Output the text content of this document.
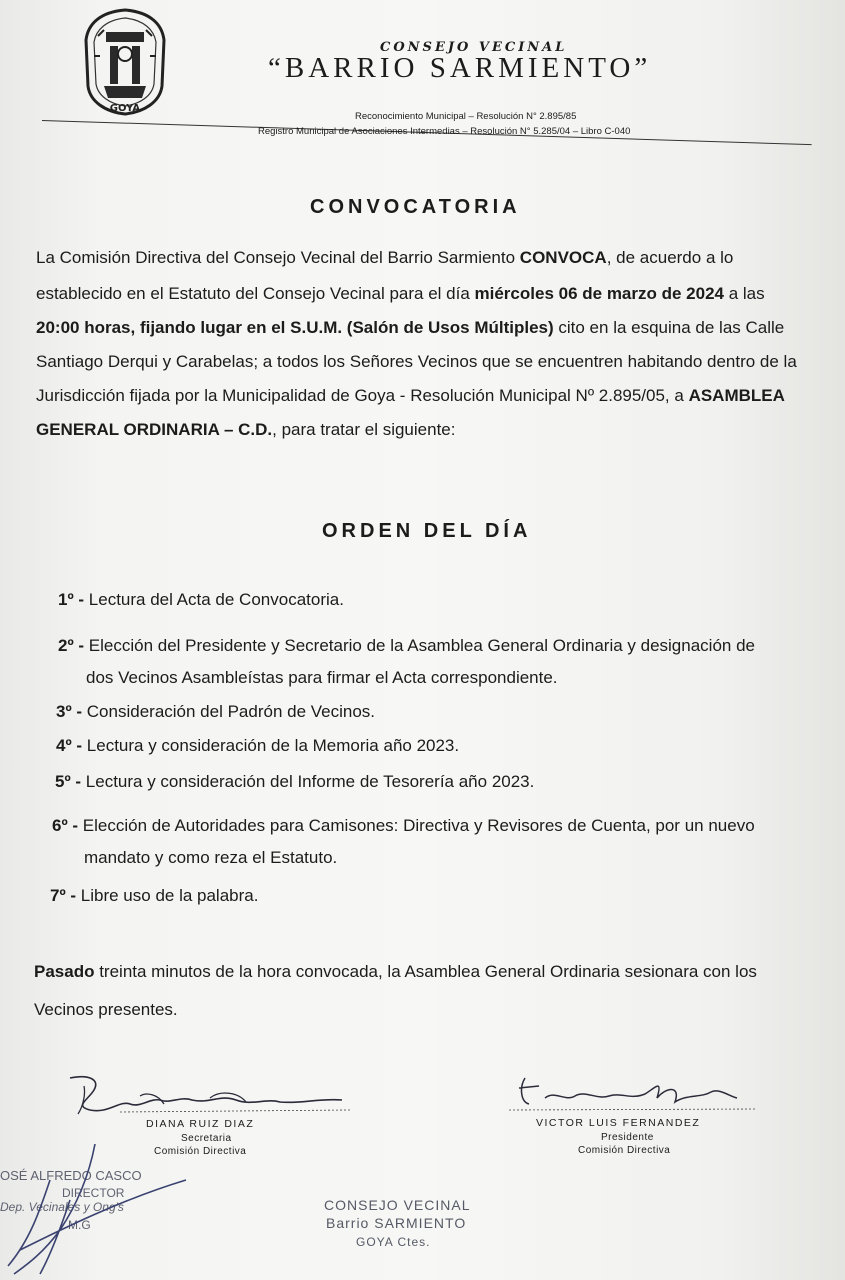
GOYA
CONSEJO VECINAL
“BARRIO SARMIENTO”
Reconocimiento Municipal – Resolución N° 2.895/85
Registro Municipal de Asociaciones Intermedias – Resolución N° 5.285/04 – Libro C-040
CONVOCATORIA
La Comisión Directiva del Consejo Vecinal del Barrio Sarmiento CONVOCA, de acuerdo a lo
establecido en el Estatuto del Consejo Vecinal para el día miércoles 06 de marzo de 2024 a las
20:00 horas, fijando lugar en el S.U.M. (Salón de Usos Múltiples) cito en la esquina de las Calle
Santiago Derqui y Carabelas; a todos los Señores Vecinos que se encuentren habitando dentro de la
Jurisdicción fijada por la Municipalidad de Goya - Resolución Municipal Nº 2.895/05, a ASAMBLEA
GENERAL ORDINARIA – C.D., para tratar el siguiente:
ORDEN DEL DÍA
1º - Lectura del Acta de Convocatoria.
2º - Elección del Presidente y Secretario de la Asamblea General Ordinaria y designación de
dos Vecinos Asambleístas para firmar el Acta correspondiente.
3º - Consideración del Padrón de Vecinos.
4º - Lectura y consideración de la Memoria año 2023.
5º - Lectura y consideración del Informe de Tesorería año 2023.
6º - Elección de Autoridades para Camisones: Directiva y Revisores de Cuenta, por un nuevo
mandato y como reza el Estatuto.
7º - Libre uso de la palabra.
Pasado treinta minutos de la hora convocada, la Asamblea General Ordinaria sesionara con los
Vecinos presentes.
DIANA RUIZ DIAZ
Secretaria
Comisión Directiva
VICTOR LUIS FERNANDEZ
Presidente
Comisión Directiva
OSÉ ALFREDO CASCO
DIRECTOR
Dep. Vecinales y Ong's
M.G
CONSEJO VECINAL
Barrio SARMIENTO
GOYA Ctes.
